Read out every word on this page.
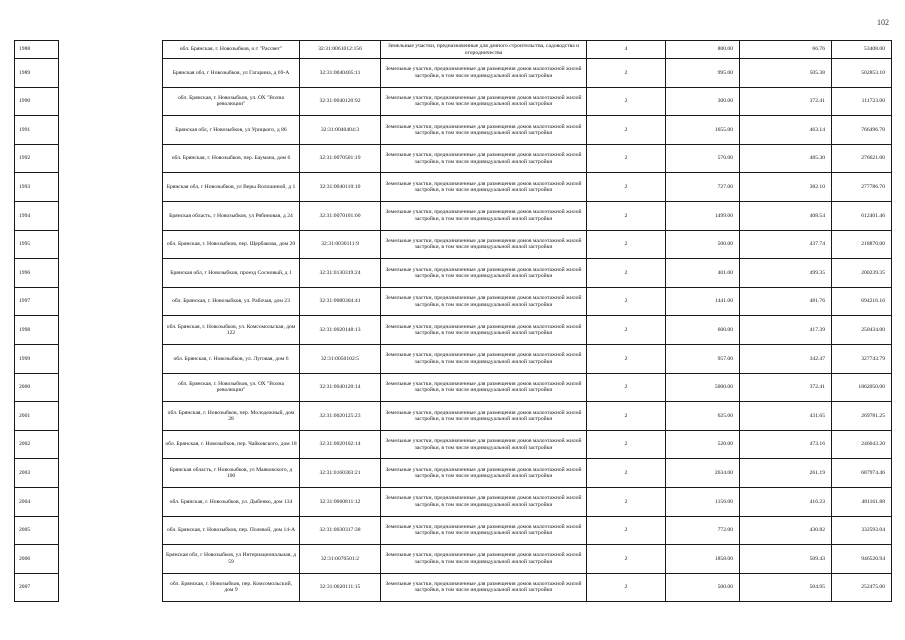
102
1988		обл. Брянская, г. Новозыбков, о.т "Рассвет"	32:31:0061012:156	Земельные участки, предназначенные для дачного строительства, садоводства и огородничества	4	800.00	66.76	53408.00
1989		Брянская обл, г Новозыбков, ул Гагарина, д 69-А	32:31:0040405:11	Земельные участки, предназначенные для размещения домов малоэтажной жилой застройки, в том числе индивидуальной жилой застройки	2	995.00	505.38	502853.10
1990		обл. Брянская, г. Новозыбков, ул. ОХ "Волна революции"	32:31:0040120:92	Земельные участки, предназначенные для размещения домов малоэтажной жилой застройки, в том числе индивидуальной жилой застройки	2	300.00	372.41	111723.00
1991		Брянская обл, г Новозыбков, ул Урицкого, д 86	32:31:0040404:3	Земельные участки, предназначенные для размещения домов малоэтажной жилой застройки, в том числе индивидуальной жилой застройки	2	1655.00	463.14	766496.70
1992		обл. Брянская, г. Новозыбков, пер. Баумана, дом 6	32:31:0070501:19	Земельные участки, предназначенные для размещения домов малоэтажной жилой застройки, в том числе индивидуальной жилой застройки	2	570.00	485.30	276621.00
1993		Брянская обл, г Новозыбков, ул Веры Волошиной, д 1	32:31:0040110:10	Земельные участки, предназначенные для размещения домов малоэтажной жилой застройки, в том числе индивидуальной жилой застройки	2	727.00	382.10	277786.70
1994		Брянская область, г Новозыбков, ул Рябиновая, д 24	32:31:0070101:60	Земельные участки, предназначенные для размещения домов малоэтажной жилой застройки, в том числе индивидуальной жилой застройки	2	1499.00	408.54	612401.46
1995		обл. Брянская, г. Новозыбков, пер. Щербакова, дом 20	32:31:0030111:9	Земельные участки, предназначенные для размещения домов малоэтажной жилой застройки, в том числе индивидуальной жилой застройки	2	500.00	437.74	218870.00
1996		Брянская обл, г Новозыбков, проезд Сосновый, д 1	32:31:0130319:24	Земельные участки, предназначенные для размещения домов малоэтажной жилой застройки, в том числе индивидуальной жилой застройки	2	401.00	499.35	200239.35
1997		обл. Брянская, г. Новозыбков, ул. Рабочая, дом 23	32:31:0080304:41	Земельные участки, предназначенные для размещения домов малоэтажной жилой застройки, в том числе индивидуальной жилой застройки	2	1441.00	481.76	694216.16
1998		обл. Брянская, г. Новозыбков, ул. Комсомольская, дом 122	32:31:0020148:13	Земельные участки, предназначенные для размещения домов малоэтажной жилой застройки, в том числе индивидуальной жилой застройки	2	600.00	417.39	250434.00
1999		обл. Брянская, г. Новозыбков, ул. Луговая, дом 6	32:31:0050102:5	Земельные участки, предназначенные для размещения домов малоэтажной жилой застройки, в том числе индивидуальной жилой застройки	2	957.00	342.47	327743.79
2000		обл. Брянская, г. Новозыбков, ул. ОХ "Волна революции"	32:31:0040120:14	Земельные участки, предназначенные для размещения домов малоэтажной жилой застройки, в том числе индивидуальной жилой застройки	2	5000.00	372.41	1862050.00
2001		обл. Брянская, г. Новозыбков, пер. Молодежный, дом 28	32:31:0020125:23	Земельные участки, предназначенные для размещения домов малоэтажной жилой застройки, в том числе индивидуальной жилой застройки	2	625.00	431.65	269781.25
2002		обл. Брянская, г. Новозыбков, пер. Чайковского, дом 18	32:31:0020102:14	Земельные участки, предназначенные для размещения домов малоэтажной жилой застройки, в том числе индивидуальной жилой застройки	2	520.00	473.16	246043.20
2003		Брянская область, г Новозыбков, ул Маяковского, д 100	32:31:0160303:21	Земельные участки, предназначенные для размещения домов малоэтажной жилой застройки, в том числе индивидуальной жилой застройки	2	2634.00	261.19	687974.46
2004		обл. Брянская, г. Новозыбков, ул. Дыбенко, дом 134	32:31:0060811:12	Земельные участки, предназначенные для размещения домов малоэтажной жилой застройки, в том числе индивидуальной жилой застройки	2	1156.00	416.23	481161.88
2005		обл. Брянская, г. Новозыбков, пер. Полевой, дом 14-А	32:31:0030317:38	Земельные участки, предназначенные для размещения домов малоэтажной жилой застройки, в том числе индивидуальной жилой застройки	2	772.00	430.82	332593.04
2006		Брянская обл, г Новозыбков, ул Интернациональная, д 59	32:31:0070501:2	Земельные участки, предназначенные для размещения домов малоэтажной жилой застройки, в том числе индивидуальной жилой застройки	2	1858.00	509.43	946520.94
2007		обл. Брянская, г. Новозыбков, пер. Комсомольский, дом 9	32:31:0020111:15	Земельные участки, предназначенные для размещения домов малоэтажной жилой застройки, в том числе индивидуальной жилой застройки	2	500.00	504.95	252475.00
